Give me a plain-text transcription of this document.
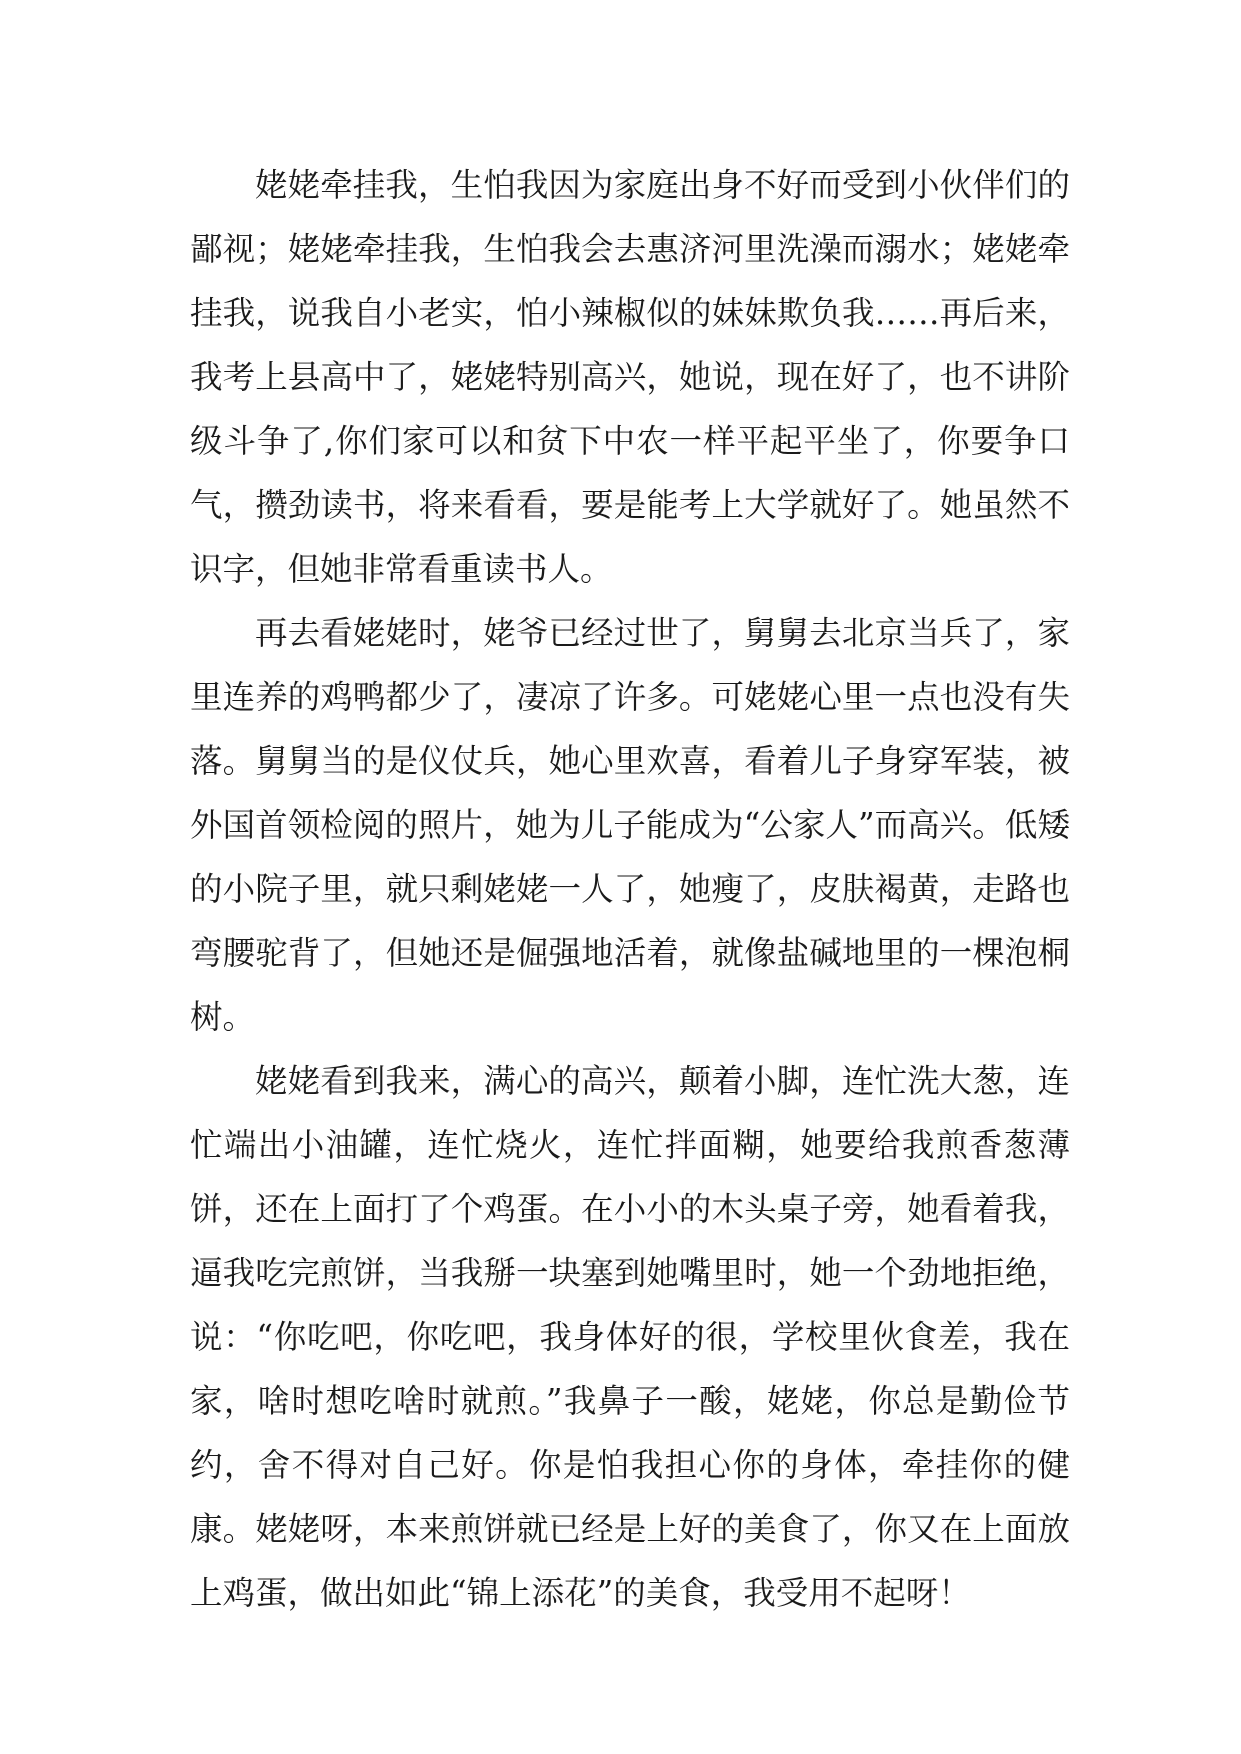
姥姥牵挂我，生怕我因为家庭出身不好而受到小伙伴们的鄙视；姥姥牵挂我，生怕我会去惠济河里洗澡而溺水；姥姥牵挂我，说我自小老实，怕小辣椒似的妹妹欺负我……再后来，我考上县高中了，姥姥特别高兴，她说，现在好了，也不讲阶级斗争了,你们家可以和贫下中农一样平起平坐了，你要争口气，攒劲读书，将来看看，要是能考上大学就好了。她虽然不识字，但她非常看重读书人。

再去看姥姥时，姥爷已经过世了，舅舅去北京当兵了，家里连养的鸡鸭都少了，凄凉了许多。可姥姥心里一点也没有失落。舅舅当的是仪仗兵，她心里欢喜，看着儿子身穿军装，被外国首领检阅的照片，她为儿子能成为“公家人”而高兴。低矮的小院子里，就只剩姥姥一人了，她瘦了，皮肤褐黄，走路也弯腰驼背了，但她还是倔强地活着，就像盐碱地里的一棵泡桐树。

姥姥看到我来，满心的高兴，颠着小脚，连忙洗大葱，连忙端出小油罐，连忙烧火，连忙拌面糊，她要给我煎香葱薄饼，还在上面打了个鸡蛋。在小小的木头桌子旁，她看着我，逼我吃完煎饼，当我掰一块塞到她嘴里时，她一个劲地拒绝，说：“你吃吧，你吃吧，我身体好的很，学校里伙食差，我在家，啥时想吃啥时就煎。”我鼻子一酸，姥姥，你总是勤俭节约，舍不得对自己好。你是怕我担心你的身体，牵挂你的健康。姥姥呀，本来煎饼就已经是上好的美食了，你又在上面放上鸡蛋，做出如此“锦上添花”的美食，我受用不起呀！
